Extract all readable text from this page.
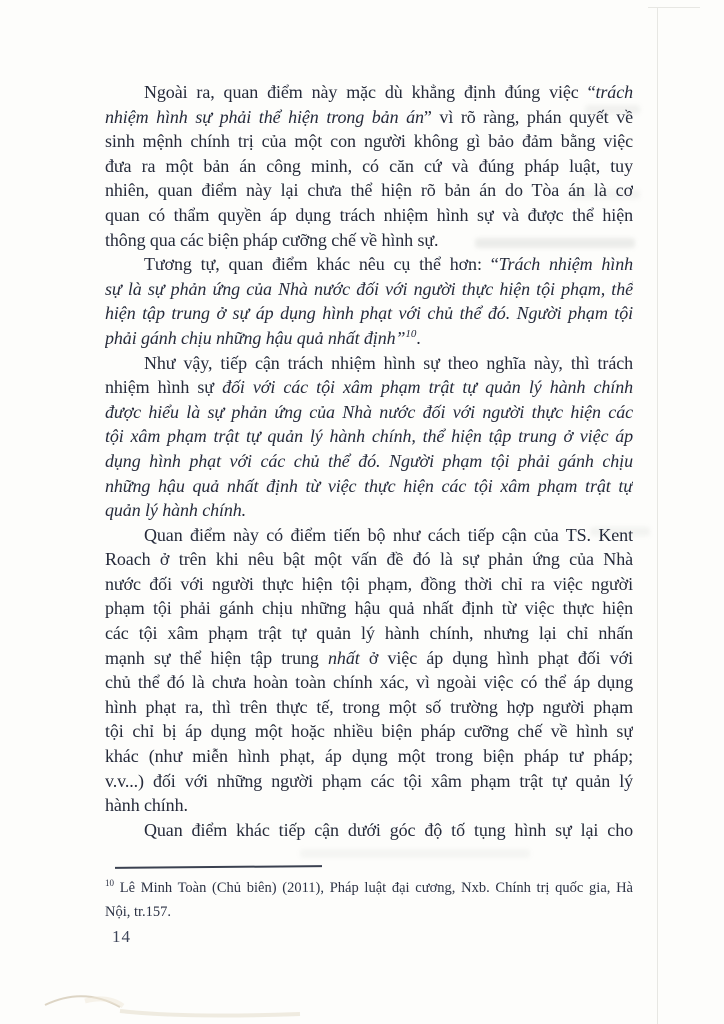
Ngoài ra, quan điểm này mặc dù khẳng định đúng việc “trách
nhiệm hình sự phải thể hiện trong bản án” vì rõ ràng, phán quyết về
sinh mệnh chính trị của một con người không gì bảo đảm bằng việc
đưa ra một bản án công minh, có căn cứ và đúng pháp luật, tuy
nhiên, quan điểm này lại chưa thể hiện rõ bản án do Tòa án là cơ
quan có thẩm quyền áp dụng trách nhiệm hình sự và được thể hiện
thông qua các biện pháp cưỡng chế về hình sự.
Tương tự, quan điểm khác nêu cụ thể hơn: “Trách nhiệm hình
sự là sự phản ứng của Nhà nước đối với người thực hiện tội phạm, thể
hiện tập trung ở sự áp dụng hình phạt với chủ thể đó. Người phạm tội
phải gánh chịu những hậu quả nhất định”$^{10}$.
Như vậy, tiếp cận trách nhiệm hình sự theo nghĩa này, thì trách
nhiệm hình sự đối với các tội xâm phạm trật tự quản lý hành chính
được hiểu là sự phản ứng của Nhà nước đối với người thực hiện các
tội xâm phạm trật tự quản lý hành chính, thể hiện tập trung ở việc áp
dụng hình phạt với các chủ thể đó. Người phạm tội phải gánh chịu
những hậu quả nhất định từ việc thực hiện các tội xâm phạm trật tự
quản lý hành chính.
Quan điểm này có điểm tiến bộ như cách tiếp cận của TS. Kent
Roach ở trên khi nêu bật một vấn đề đó là sự phản ứng của Nhà
nước đối với người thực hiện tội phạm, đồng thời chỉ ra việc người
phạm tội phải gánh chịu những hậu quả nhất định từ việc thực hiện
các tội xâm phạm trật tự quản lý hành chính, nhưng lại chỉ nhấn
mạnh sự thể hiện tập trung nhất ở việc áp dụng hình phạt đối với
chủ thể đó là chưa hoàn toàn chính xác, vì ngoài việc có thể áp dụng
hình phạt ra, thì trên thực tế, trong một số trường hợp người phạm
tội chỉ bị áp dụng một hoặc nhiều biện pháp cưỡng chế về hình sự
khác (như miễn hình phạt, áp dụng một trong biện pháp tư pháp;
v.v...) đối với những người phạm các tội xâm phạm trật tự quản lý
hành chính.
Quan điểm khác tiếp cận dưới góc độ tố tụng hình sự lại cho
$^{10}$ Lê Minh Toàn (Chủ biên) (2011), Pháp luật đại cương, Nxb. Chính trị quốc gia, Hà
Nội, tr.157.
14
